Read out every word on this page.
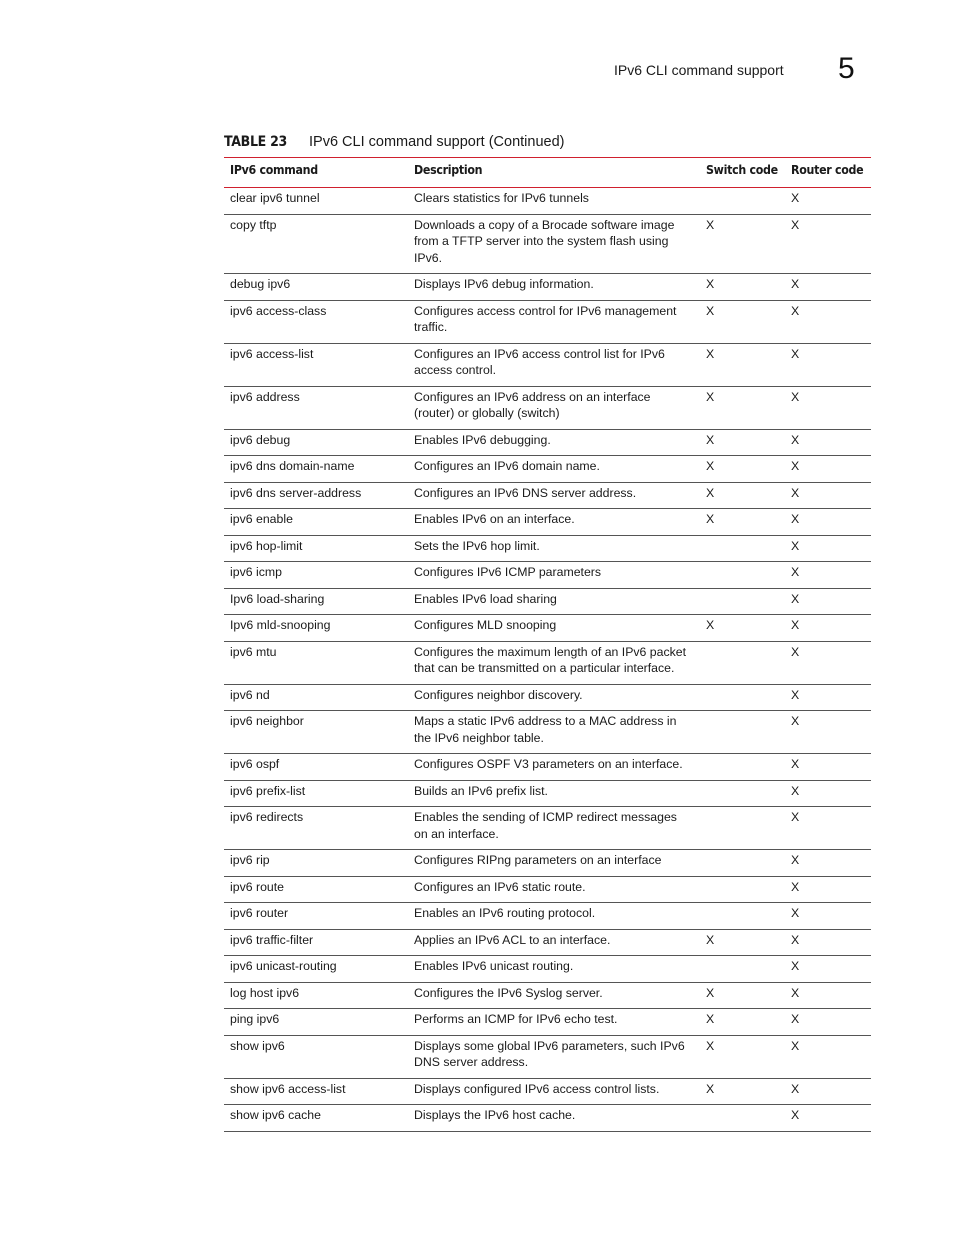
IPv6 CLI command support 5
TABLE 23 IPv6 CLI command support (Continued)
IPv6 command	Description	Switch code	Router code
clear ipv6 tunnel	Clears statistics for IPv6 tunnels		X
copy tftp	Downloads a copy of a Brocade software image from a TFTP server into the system flash using IPv6.	X	X
debug ipv6	Displays IPv6 debug information.	X	X
ipv6 access-class	Configures access control for IPv6 management traffic.	X	X
ipv6 access-list	Configures an IPv6 access control list for IPv6 access control.	X	X
ipv6 address	Configures an IPv6 address on an interface (router) or globally (switch)	X	X
ipv6 debug	Enables IPv6 debugging.	X	X
ipv6 dns domain-name	Configures an IPv6 domain name.	X	X
ipv6 dns server-address	Configures an IPv6 DNS server address.	X	X
ipv6 enable	Enables IPv6 on an interface.	X	X
ipv6 hop-limit	Sets the IPv6 hop limit.		X
ipv6 icmp	Configures IPv6 ICMP parameters		X
Ipv6 load-sharing	Enables IPv6 load sharing		X
Ipv6 mld-snooping	Configures MLD snooping	X	X
ipv6 mtu	Configures the maximum length of an IPv6 packet that can be transmitted on a particular interface.		X
ipv6 nd	Configures neighbor discovery.		X
ipv6 neighbor	Maps a static IPv6 address to a MAC address in the IPv6 neighbor table.		X
ipv6 ospf	Configures OSPF V3 parameters on an interface.		X
ipv6 prefix-list	Builds an IPv6 prefix list.		X
ipv6 redirects	Enables the sending of ICMP redirect messages on an interface.		X
ipv6 rip	Configures RIPng parameters on an interface		X
ipv6 route	Configures an IPv6 static route.		X
ipv6 router	Enables an IPv6 routing protocol.		X
ipv6 traffic-filter	Applies an IPv6 ACL to an interface.	X	X
ipv6 unicast-routing	Enables IPv6 unicast routing.		X
log host ipv6	Configures the IPv6 Syslog server.	X	X
ping ipv6	Performs an ICMP for IPv6 echo test.	X	X
show ipv6	Displays some global IPv6 parameters, such IPv6 DNS server address.	X	X
show ipv6 access-list	Displays configured IPv6 access control lists.	X	X
show ipv6 cache	Displays the IPv6 host cache.		X
